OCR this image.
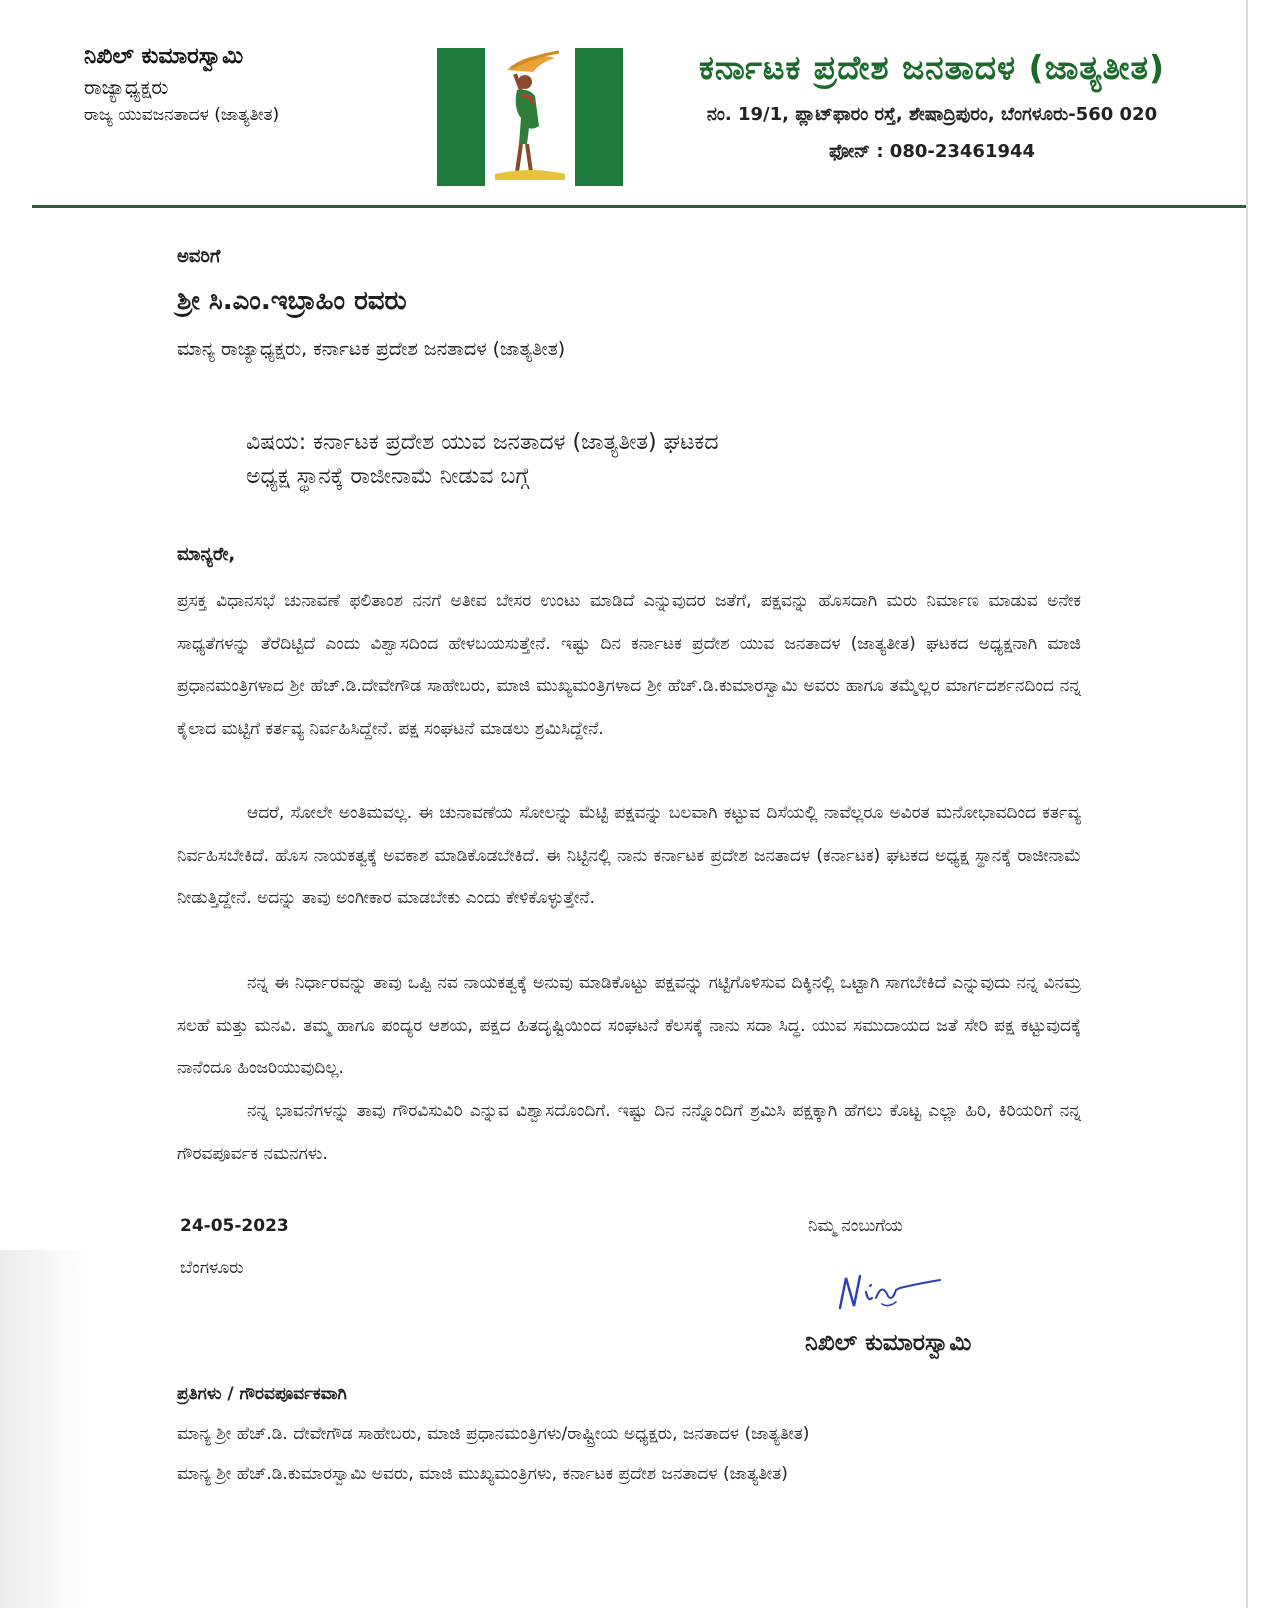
ನಿಖಿಲ್ ಕುಮಾರಸ್ವಾಮಿ

ರಾಜ್ಯಾಧ್ಯಕ್ಷರು

ರಾಜ್ಯ ಯುವಜನತಾದಳ (ಜಾತ್ಯತೀತ)

ಕರ್ನಾಟಕ ಪ್ರದೇಶ ಜನತಾದಳ (ಜಾತ್ಯತೀತ)

ನಂ. 19/1, ಪ್ಲಾಟ್‌ಫಾರಂ ರಸ್ತೆ, ಶೇಷಾದ್ರಿಪುರಂ, ಬೆಂಗಳೂರು-560 020

ಫೋನ್ : 080-23461944

ಅವರಿಗೆ
ಶ್ರೀ ಸಿ.ಎಂ.ಇಬ್ರಾಹಿಂ ರವರು
ಮಾನ್ಯ ರಾಜ್ಯಾಧ್ಯಕ್ಷರು, ಕರ್ನಾಟಕ ಪ್ರದೇಶ ಜನತಾದಳ (ಜಾತ್ಯತೀತ)
ವಿಷಯ: ಕರ್ನಾಟಕ ಪ್ರದೇಶ ಯುವ ಜನತಾದಳ (ಜಾತ್ಯತೀತ) ಘಟಕದ
ಅಧ್ಯಕ್ಷ ಸ್ಥಾನಕ್ಕೆ ರಾಜೀನಾಮೆ ನೀಡುವ ಬಗ್ಗೆ
ಮಾನ್ಯರೇ,
ಪ್ರಸಕ್ತ ವಿಧಾನಸಭೆ ಚುನಾವಣೆ ಫಲಿತಾಂಶ ನನಗೆ ಅತೀವ ಬೇಸರ ಉಂಟು ಮಾಡಿದೆ ಎನ್ನುವುದರ ಜತೆಗೆ, ಪಕ್ಷವನ್ನು ಹೊಸದಾಗಿ ಮರು ನಿರ್ಮಾಣ ಮಾಡುವ ಅನೇಕ ಸಾಧ್ಯತೆಗಳನ್ನು ತೆರೆದಿಟ್ಟಿದೆ ಎಂದು ವಿಶ್ವಾಸದಿಂದ ಹೇಳಬಯಸುತ್ತೇನೆ. ಇಷ್ಟು ದಿನ ಕರ್ನಾಟಕ ಪ್ರದೇಶ ಯುವ ಜನತಾದಳ (ಜಾತ್ಯತೀತ) ಘಟಕದ ಅಧ್ಯಕ್ಷನಾಗಿ ಮಾಜಿ ಪ್ರಧಾನಮಂತ್ರಿಗಳಾದ ಶ್ರೀ ಹೆಚ್.ಡಿ.ದೇವೇಗೌಡ ಸಾಹೇಬರು, ಮಾಜಿ ಮುಖ್ಯಮಂತ್ರಿಗಳಾದ ಶ್ರೀ ಹೆಚ್.ಡಿ.ಕುಮಾರಸ್ವಾಮಿ ಅವರು ಹಾಗೂ ತಮ್ಮೆಲ್ಲರ ಮಾರ್ಗದರ್ಶನದಿಂದ ನನ್ನ ಕೈಲಾದ ಮಟ್ಟಿಗೆ ಕರ್ತವ್ಯ ನಿರ್ವಹಿಸಿದ್ದೇನೆ. ಪಕ್ಷ ಸಂಘಟನೆ ಮಾಡಲು ಶ್ರಮಿಸಿದ್ದೇನೆ.
ಆದರೆ, ಸೋಲೇ ಅಂತಿಮವಲ್ಲ. ಈ ಚುನಾವಣೆಯ ಸೋಲನ್ನು ಮೆಟ್ಟಿ ಪಕ್ಷವನ್ನು ಬಲವಾಗಿ ಕಟ್ಟುವ ದಿಸೆಯಲ್ಲಿ ನಾವೆಲ್ಲರೂ ಅವಿರತ ಮನೋಭಾವದಿಂದ ಕರ್ತವ್ಯ ನಿರ್ವಹಿಸಬೇಕಿದೆ. ಹೊಸ ನಾಯಕತ್ವಕ್ಕೆ ಅವಕಾಶ ಮಾಡಿಕೊಡಬೇಕಿದೆ. ಈ ನಿಟ್ಟಿನಲ್ಲಿ ನಾನು ಕರ್ನಾಟಕ ಪ್ರದೇಶ ಜನತಾದಳ (ಕರ್ನಾಟಕ) ಘಟಕದ ಅಧ್ಯಕ್ಷ ಸ್ಥಾನಕ್ಕೆ ರಾಜೀನಾಮೆ ನೀಡುತ್ತಿದ್ದೇನೆ. ಅದನ್ನು ತಾವು ಅಂಗೀಕಾರ ಮಾಡಬೇಕು ಎಂದು ಕೇಳಿಕೊಳ್ಳುತ್ತೇನೆ.
ನನ್ನ ಈ ನಿರ್ಧಾರವನ್ನು ತಾವು ಒಪ್ಪಿ ನವ ನಾಯಕತ್ವಕ್ಕೆ ಅನುವು ಮಾಡಿಕೊಟ್ಟು ಪಕ್ಷವನ್ನು ಗಟ್ಟಿಗೊಳಿಸುವ ದಿಕ್ಕಿನಲ್ಲಿ ಒಟ್ಟಾಗಿ ಸಾಗಬೇಕಿದೆ ಎನ್ನುವುದು ನನ್ನ ವಿನಮ್ರ ಸಲಹೆ ಮತ್ತು ಮನವಿ. ತಮ್ಮ ಹಾಗೂ ಪಂದ್ಯರ ಆಶಯ, ಪಕ್ಷದ ಹಿತದೃಷ್ಟಿಯಿಂದ ಸಂಘಟನೆ ಕೆಲಸಕ್ಕೆ ನಾನು ಸದಾ ಸಿದ್ಧ. ಯುವ ಸಮುದಾಯದ ಜತೆ ಸೇರಿ ಪಕ್ಷ ಕಟ್ಟುವುದಕ್ಕೆ ನಾನೆಂದೂ ಹಿಂಜರಿಯುವುದಿಲ್ಲ.
ನನ್ನ ಭಾವನೆಗಳನ್ನು ತಾವು ಗೌರವಿಸುವಿರಿ ಎನ್ನುವ ವಿಶ್ವಾಸದೊಂದಿಗೆ. ಇಷ್ಟು ದಿನ ನನ್ನೊಂದಿಗೆ ಶ್ರಮಿಸಿ ಪಕ್ಷಕ್ಕಾಗಿ ಹೆಗಲು ಕೊಟ್ಟ ಎಲ್ಲಾ ಹಿರಿ, ಕಿರಿಯರಿಗೆ ನನ್ನ ಗೌರವಪೂರ್ವಕ ನಮನಗಳು.
24-05-2023
ಬೆಂಗಳೂರು
ನಿಮ್ಮ ನಂಬುಗೆಯ
ನಿಖಿಲ್ ಕುಮಾರಸ್ವಾಮಿ
ಪ್ರತಿಗಳು / ಗೌರವಪೂರ್ವಕವಾಗಿ
ಮಾನ್ಯ ಶ್ರೀ ಹೆಚ್.ಡಿ. ದೇವೇಗೌಡ ಸಾಹೇಬರು, ಮಾಜಿ ಪ್ರಧಾನಮಂತ್ರಿಗಳು/ರಾಷ್ಟ್ರೀಯ ಅಧ್ಯಕ್ಷರು, ಜನತಾದಳ (ಜಾತ್ಯತೀತ)
ಮಾನ್ಯ ಶ್ರೀ ಹೆಚ್.ಡಿ.ಕುಮಾರಸ್ವಾಮಿ ಅವರು, ಮಾಜಿ ಮುಖ್ಯಮಂತ್ರಿಗಳು, ಕರ್ನಾಟಕ ಪ್ರದೇಶ ಜನತಾದಳ (ಜಾತ್ಯತೀತ)
